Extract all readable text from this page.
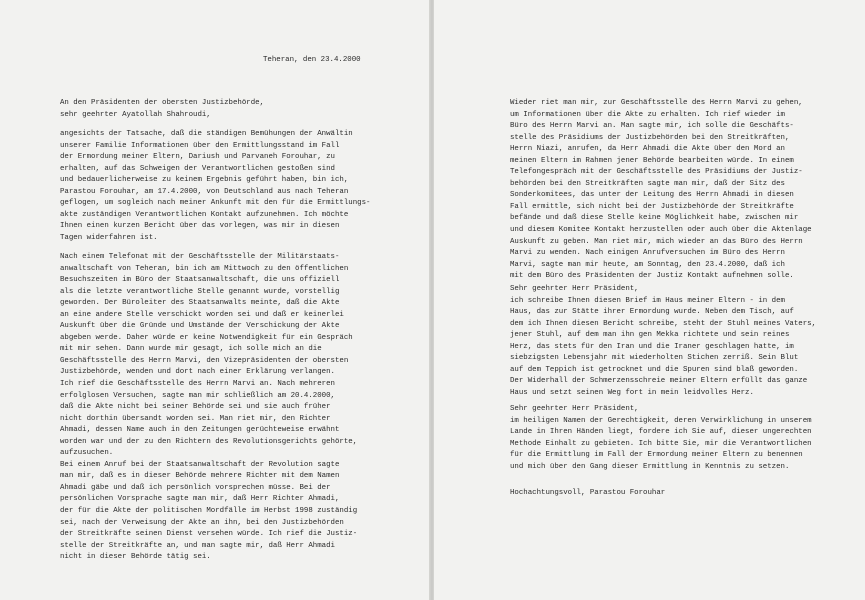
Teheran, den 23.4.2000
An den Präsidenten der obersten Justizbehörde,
sehr geehrter Ayatollah Shahroudi,
angesichts der Tatsache, daß die ständigen Bemühungen der Anwältin
unserer Familie Informationen über den Ermittlungsstand im Fall
der Ermordung meiner Eltern, Dariush und Parvaneh Forouhar, zu
erhalten, auf das Schweigen der Verantwortlichen gestoßen sind
und bedauerlicherweise zu keinem Ergebnis geführt haben, bin ich,
Parastou Forouhar, am 17.4.2000, von Deutschland aus nach Teheran
geflogen, um sogleich nach meiner Ankunft mit den für die Ermittlungs-
akte zuständigen Verantwortlichen Kontakt aufzunehmen. Ich möchte
Ihnen einen kurzen Bericht über das vorlegen, was mir in diesen
Tagen widerfahren ist.
Nach einem Telefonat mit der Geschäftsstelle der Militärstaats-
anwaltschaft von Teheran, bin ich am Mittwoch zu den öffentlichen
Besuchszeiten im Büro der Staatsanwaltschaft, die uns offiziell
als die letzte verantwortliche Stelle genannt wurde, vorstellig
geworden. Der Büroleiter des Staatsanwalts meinte, daß die Akte
an eine andere Stelle verschickt worden sei und daß er keinerlei
Auskunft über die Gründe und Umstände der Verschickung der Akte
abgeben werde. Daher würde er keine Notwendigkeit für ein Gespräch
mit mir sehen. Dann wurde mir gesagt, ich solle mich an die
Geschäftsstelle des Herrn Marvi, den Vizepräsidenten der obersten
Justizbehörde, wenden und dort nach einer Erklärung verlangen.
Ich rief die Geschäftsstelle des Herrn Marvi an. Nach mehreren
erfolglosen Versuchen, sagte man mir schließlich am 20.4.2000,
daß die Akte nicht bei seiner Behörde sei und sie auch früher
nicht dorthin übersandt worden sei. Man riet mir, den Richter
Ahmadi, dessen Name auch in den Zeitungen gerüchteweise erwähnt
worden war und der zu den Richtern des Revolutionsgerichts gehörte,
aufzusuchen.
Bei einem Anruf bei der Staatsanwaltschaft der Revolution sagte
man mir, daß es in dieser Behörde mehrere Richter mit dem Namen
Ahmadi gäbe und daß ich persönlich vorsprechen müsse. Bei der
persönlichen Vorsprache sagte man mir, daß Herr Richter Ahmadi,
der für die Akte der politischen Mordfälle im Herbst 1998 zuständig
sei, nach der Verweisung der Akte an ihn, bei den Justizbehörden
der Streitkräfte seinen Dienst versehen würde. Ich rief die Justiz-
stelle der Streitkräfte an, und man sagte mir, daß Herr Ahmadi
nicht in dieser Behörde tätig sei.
Wieder riet man mir, zur Geschäftsstelle des Herrn Marvi zu gehen,
um Informationen über die Akte zu erhalten. Ich rief wieder im
Büro des Herrn Marvi an. Man sagte mir, ich solle die Geschäfts-
stelle des Präsidiums der Justizbehörden bei den Streitkräften,
Herrn Niazi, anrufen, da Herr Ahmadi die Akte über den Mord an
meinen Eltern im Rahmen jener Behörde bearbeiten würde. In einem
Telefongespräch mit der Geschäftsstelle des Präsidiums der Justiz-
behörden bei den Streitkräften sagte man mir, daß der Sitz des
Sonderkomitees, das unter der Leitung des Herrn Ahmadi in diesen
Fall ermittle, sich nicht bei der Justizbehörde der Streitkräfte
befände und daß diese Stelle keine Möglichkeit habe, zwischen mir
und diesem Komitee Kontakt herzustellen oder auch über die Aktenlage
Auskunft zu geben. Man riet mir, mich wieder an das Büro des Herrn
Marvi zu wenden. Nach einigen Anrufversuchen im Büro des Herrn
Marvi, sagte man mir heute, am Sonntag, den 23.4.2000, daß ich
mit dem Büro des Präsidenten der Justiz Kontakt aufnehmen solle.
Sehr geehrter Herr Präsident,
ich schreibe Ihnen diesen Brief im Haus meiner Eltern - in dem
Haus, das zur Stätte ihrer Ermordung wurde. Neben dem Tisch, auf
dem ich Ihnen diesen Bericht schreibe, steht der Stuhl meines Vaters,
jener Stuhl, auf dem man ihn gen Mekka richtete und sein reines
Herz, das stets für den Iran und die Iraner geschlagen hatte, im
siebzigsten Lebensjahr mit wiederholten Stichen zerriß. Sein Blut
auf dem Teppich ist getrocknet und die Spuren sind blaß geworden.
Der Widerhall der Schmerzensschreie meiner Eltern erfüllt das ganze
Haus und setzt seinen Weg fort in mein leidvolles Herz.
Sehr geehrter Herr Präsident,
im heiligen Namen der Gerechtigkeit, deren Verwirklichung in unserem
Lande in Ihren Händen liegt, fordere ich Sie auf, dieser ungerechten
Methode Einhalt zu gebieten. Ich bitte Sie, mir die Verantwortlichen
für die Ermittlung im Fall der Ermordung meiner Eltern zu benennen
und mich über den Gang dieser Ermittlung in Kenntnis zu setzen.
Hochachtungsvoll, Parastou Forouhar
